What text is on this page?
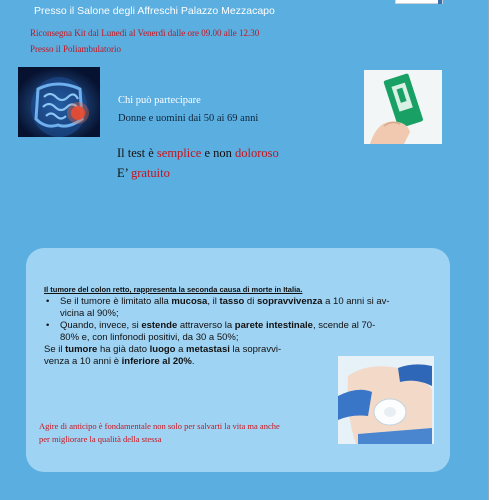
Presso il Salone degli Affreschi Palazzo Mezzacapo
Riconsegna Kit dal Lunedì al Venerdì dalle ore 09.00 alle 12.30
Presso il Poliambulatorio
Chi può partecipare
Donne e uomini dai 50 ai 69 anni
Il test è semplice e non doloroso
E’ gratuito
Il tumore del colon retto, rappresenta la seconda causa di morte in Italia.
• Se il tumore è limitato alla mucosa, il tasso di sopravvivenza a 10 anni si av-
vicina al 90%;
• Quando, invece, si estende attraverso la parete intestinale, scende al 70-
80% e, con linfonodi positivi, da 30 a 50%;
Se il tumore ha già dato luogo a metastasi la sopravvi-
venza a 10 anni è inferiore al 20%.
Agire di anticipo è fondamentale non solo per salvarti la vita ma anche
per migliorare la qualità della stessa
